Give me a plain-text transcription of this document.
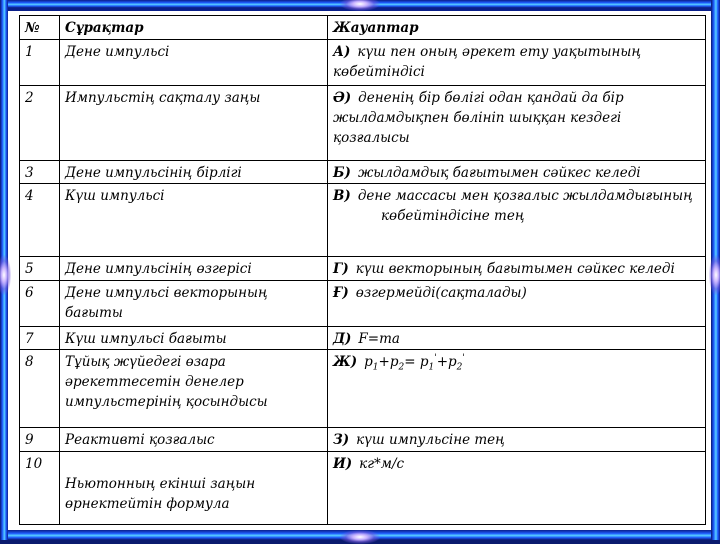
№	Сұрақтар	Жауаптар
1	Дене импульсі	А) күш пен оның әрекет ету уақытының көбейтіндісі
2	Импульстің сақталу заңы	Ә) дененің бір бөлігі одан қандай да бір жылдамдықпен бөлініп шыққан кездегі қозғалысы
3	Дене импульсінің бірлігі	Б) жылдамдық бағытымен сәйкес келеді
4	Күш импульсі	В) дене массасы мен қозғалыс жылдамдығының
көбейтіндісіне тең

5	Дене импульсінің өзгерісі	Г) күш векторының бағытымен сәйкес келеді
6	Дене импульсі векторының бағыты	Ғ) өзгермейді(сақталады)
7	Күш импульсі бағыты	Д) F=ma
8	Тұйық жүйедегі өзара әрекеттесетін денелер импульстерінің қосындысы	Ж) $p_1+p_2= p_1'+p_2'$
9	Реактивті қозғалыс	З) күш импульсіне тең
10	Ньютонның екінші заңын өрнектейтін формула	И) кг*м/с
